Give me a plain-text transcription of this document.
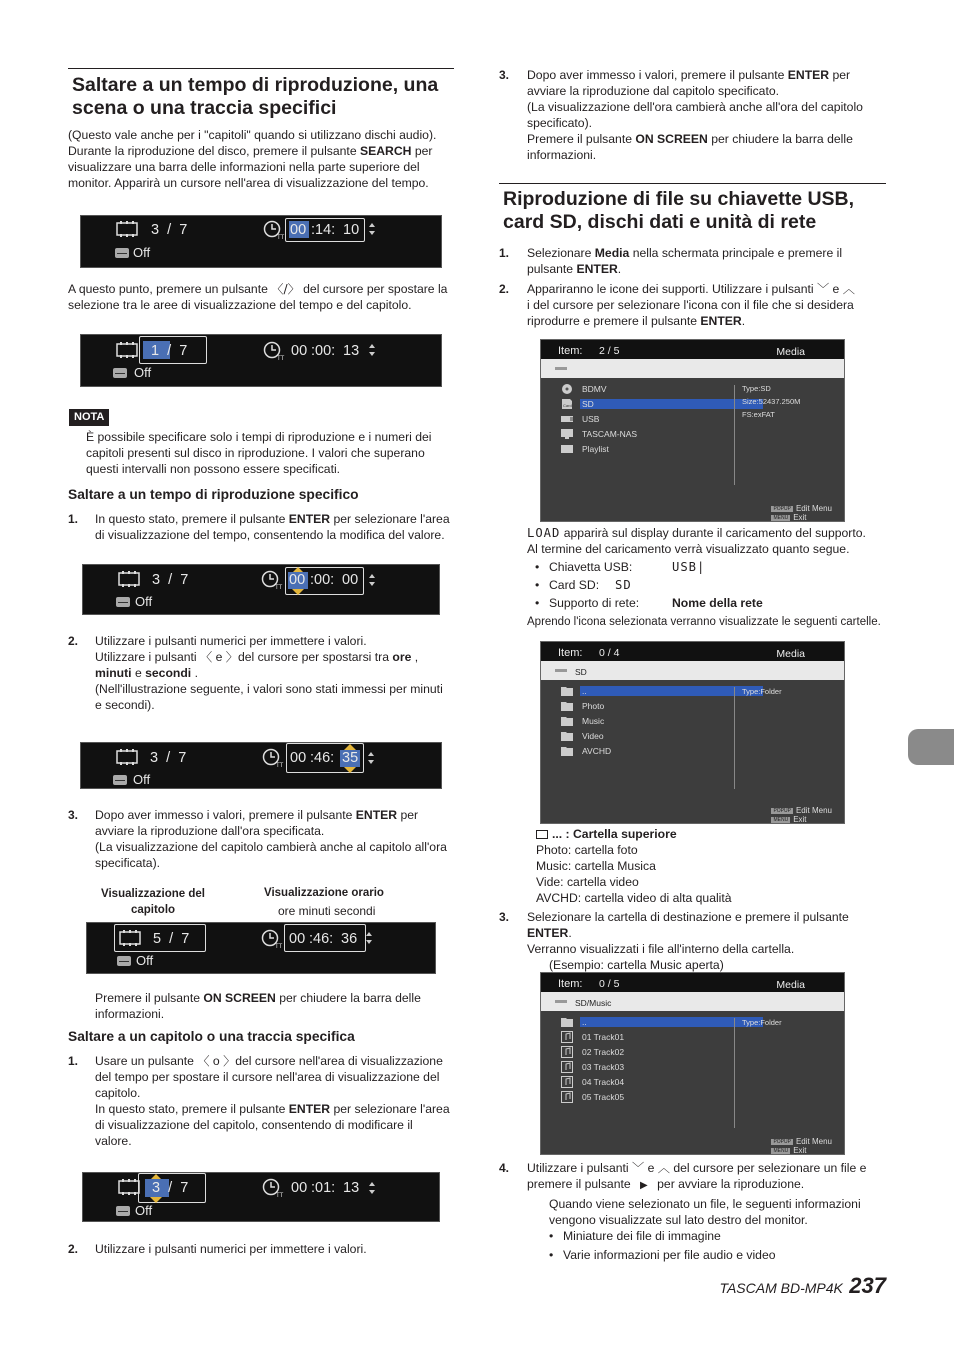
Saltare a un tempo di riproduzione, una
scena o una traccia specifici
(Questo vale anche per i "capitoli" quando si utilizzano dischi audio).
Durante la riproduzione del disco, premere il pulsante SEARCH per
visualizzare una barra delle informazioni nella parte superiore del
monitor. Apparirà un cursore nell'area di visualizzazione del tempo.
3  /  7	TT 00 :14: 10
Off
A questo punto, premere un pulsante 〈/〉 del cursore per spostare la
selezione tra le aree di visualizzazione del tempo e del capitolo.
1  /  7	TT 00 :00: 13
Off
NOTA
È possibile specificare solo i tempi di riproduzione e i numeri dei
capitoli presenti sul disco in riproduzione. I valori che superano
questi intervalli non possono essere specificati.
Saltare a un tempo di riproduzione specifico
1. In questo stato, premere il pulsante ENTER per selezionare l'area
di visualizzazione del tempo, consentendo la modifica del valore.
3  /  7	TT 00 :00: 00
Off
2. Utilizzare i pulsanti numerici per immettere i valori.
Utilizzare i pulsanti 〈 e 〉del cursore per spostarsi tra ore ,
minuti e secondi .
(Nell'illustrazione seguente, i valori sono stati immessi per minuti
e secondi).
3  /  7	TT 00 :46: 35
Off
3. Dopo aver immesso i valori, premere il pulsante ENTER per
avviare la riproduzione dall'ora specificata.
(La visualizzazione del capitolo cambierà anche al capitolo all'ora
specificata).
Visualizzazione del
capitolo
Visualizzazione orario
ore minuti secondi
5  /  7	TT 00 :46: 36
Off
Premere il pulsante ON SCREEN per chiudere la barra delle
informazioni.
Saltare a un capitolo o una traccia specifica
1. Usare un pulsante 〈 o 〉del cursore nell'area di visualizzazione
del tempo per spostare il cursore nell'area di visualizzazione del
capitolo.
In questo stato, premere il pulsante ENTER per selezionare l'area
di visualizzazione del capitolo, consentendo di modificare il
valore.
3  /  7	TT 00 :01: 13
Off
2. Utilizzare i pulsanti numerici per immettere i valori.
3. Dopo aver immesso i valori, premere il pulsante ENTER per
avviare la riproduzione dal capitolo specificato.
(La visualizzazione dell'ora cambierà anche all'ora del capitolo
specificato).
Premere il pulsante ON SCREEN per chiudere la barra delle
informazioni.
Riproduzione di file su chiavette USB,
card SD, dischi dati e unità di rete
1. Selezionare Media nella schermata principale e premere il
pulsante ENTER.
2. Appariranno le icone dei supporti. Utilizzare i pulsanti ﹀ e ︿
i del cursore per selezionare l'icona con il file che si desidera
riprodurre e premere il pulsante ENTER.
Item: 2 / 5	Media
BDMV
Card SD
USB
TASCAM-NAS
Playlist
Type:SD
Size:52437.250M
FS:exFAT
POPUP Edit Menu
MENU Exit
LOAD apparirà sul display durante il caricamento del supporto.
Al termine del caricamento verrà visualizzato quanto segue.
• Chiavetta USB:	USB|
• Card SD: SD
• Supporto di rete:	Nome della rete
Aprendo l'icona selezionata verranno visualizzate le seguenti cartelle.
Item: 0 / 4	Media
SD
..
Photo
Music
Video
AVCHD
Type:Folder
POPUP Edit Menu
MENU Exit
... : Cartella superiore
Photo: cartella foto
Music: cartella Musica
Vide: cartella video
AVCHD: cartella video di alta qualità
3. Selezionare la cartella di destinazione e premere il pulsante ENTER.
Verranno visualizzati i file all'interno della cartella.
(Esempio: cartella Music aperta)
Item: 0 / 5	Media
SD/Music
..
01 Track01
02 Track02
03 Track03
04 Track04
05 Track05
Type:Folder
POPUP Edit Menu
MENU Exit
4. Utilizzare i pulsanti ﹀ e ︿ del cursore per selezionare un file e
premere il pulsante ▶ per avviare la riproduzione.
Quando viene selezionato un file, le seguenti informazioni
vengono visualizzate sul lato destro del monitor.
• Miniature dei file di immagine
• Varie informazioni per file audio e video
TASCAM BD-MP4K 237
